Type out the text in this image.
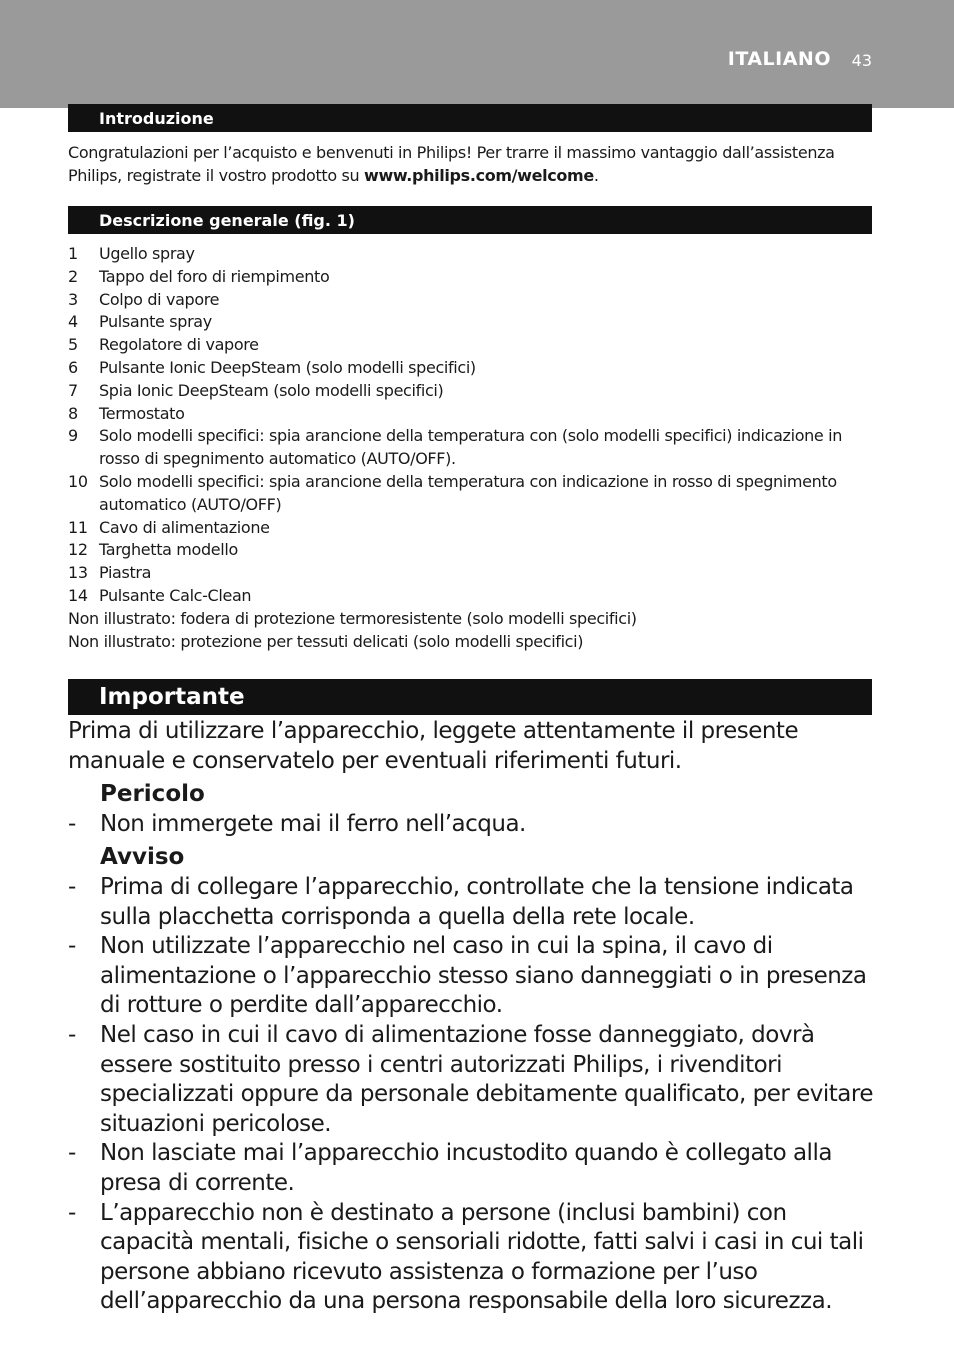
ITALIANO 43
Introduzione
Congratulazioni per l’acquisto e benvenuti in Philips! Per trarre il massimo vantaggio dall’assistenza Philips, registrate il vostro prodotto su www.philips.com/welcome.
Descrizione generale (fig. 1)
1 Ugello spray
2 Tappo del foro di riempimento
3 Colpo di vapore
4 Pulsante spray
5 Regolatore di vapore
6 Pulsante Ionic DeepSteam (solo modelli specifici)
7 Spia Ionic DeepSteam (solo modelli specifici)
8 Termostato
9 Solo modelli specifici: spia arancione della temperatura con (solo modelli specifici) indicazione in rosso di spegnimento automatico (AUTO/OFF).
10 Solo modelli specifici: spia arancione della temperatura con indicazione in rosso di spegnimento automatico (AUTO/OFF)
11 Cavo di alimentazione
12 Targhetta modello
13 Piastra
14 Pulsante Calc-Clean
Non illustrato: fodera di protezione termoresistente (solo modelli specifici)
Non illustrato: protezione per tessuti delicati (solo modelli specifici)
Importante
Prima di utilizzare l’apparecchio, leggete attentamente il presente manuale e conservatelo per eventuali riferimenti futuri.
Pericolo
- Non immergete mai il ferro nell’acqua.
Avviso
- Prima di collegare l’apparecchio, controllate che la tensione indicata sulla placchetta corrisponda a quella della rete locale.
- Non utilizzate l’apparecchio nel caso in cui la spina, il cavo di alimentazione o l’apparecchio stesso siano danneggiati o in presenza di rotture o perdite dall’apparecchio.
- Nel caso in cui il cavo di alimentazione fosse danneggiato, dovrà essere sostituito presso i centri autorizzati Philips, i rivenditori specializzati oppure da personale debitamente qualificato, per evitare situazioni pericolose.
- Non lasciate mai l’apparecchio incustodito quando è collegato alla presa di corrente.
- L’apparecchio non è destinato a persone (inclusi bambini) con capacità mentali, fisiche o sensoriali ridotte, fatti salvi i casi in cui tali persone abbiano ricevuto assistenza o formazione per l’uso dell’apparecchio da una persona responsabile della loro sicurezza.
